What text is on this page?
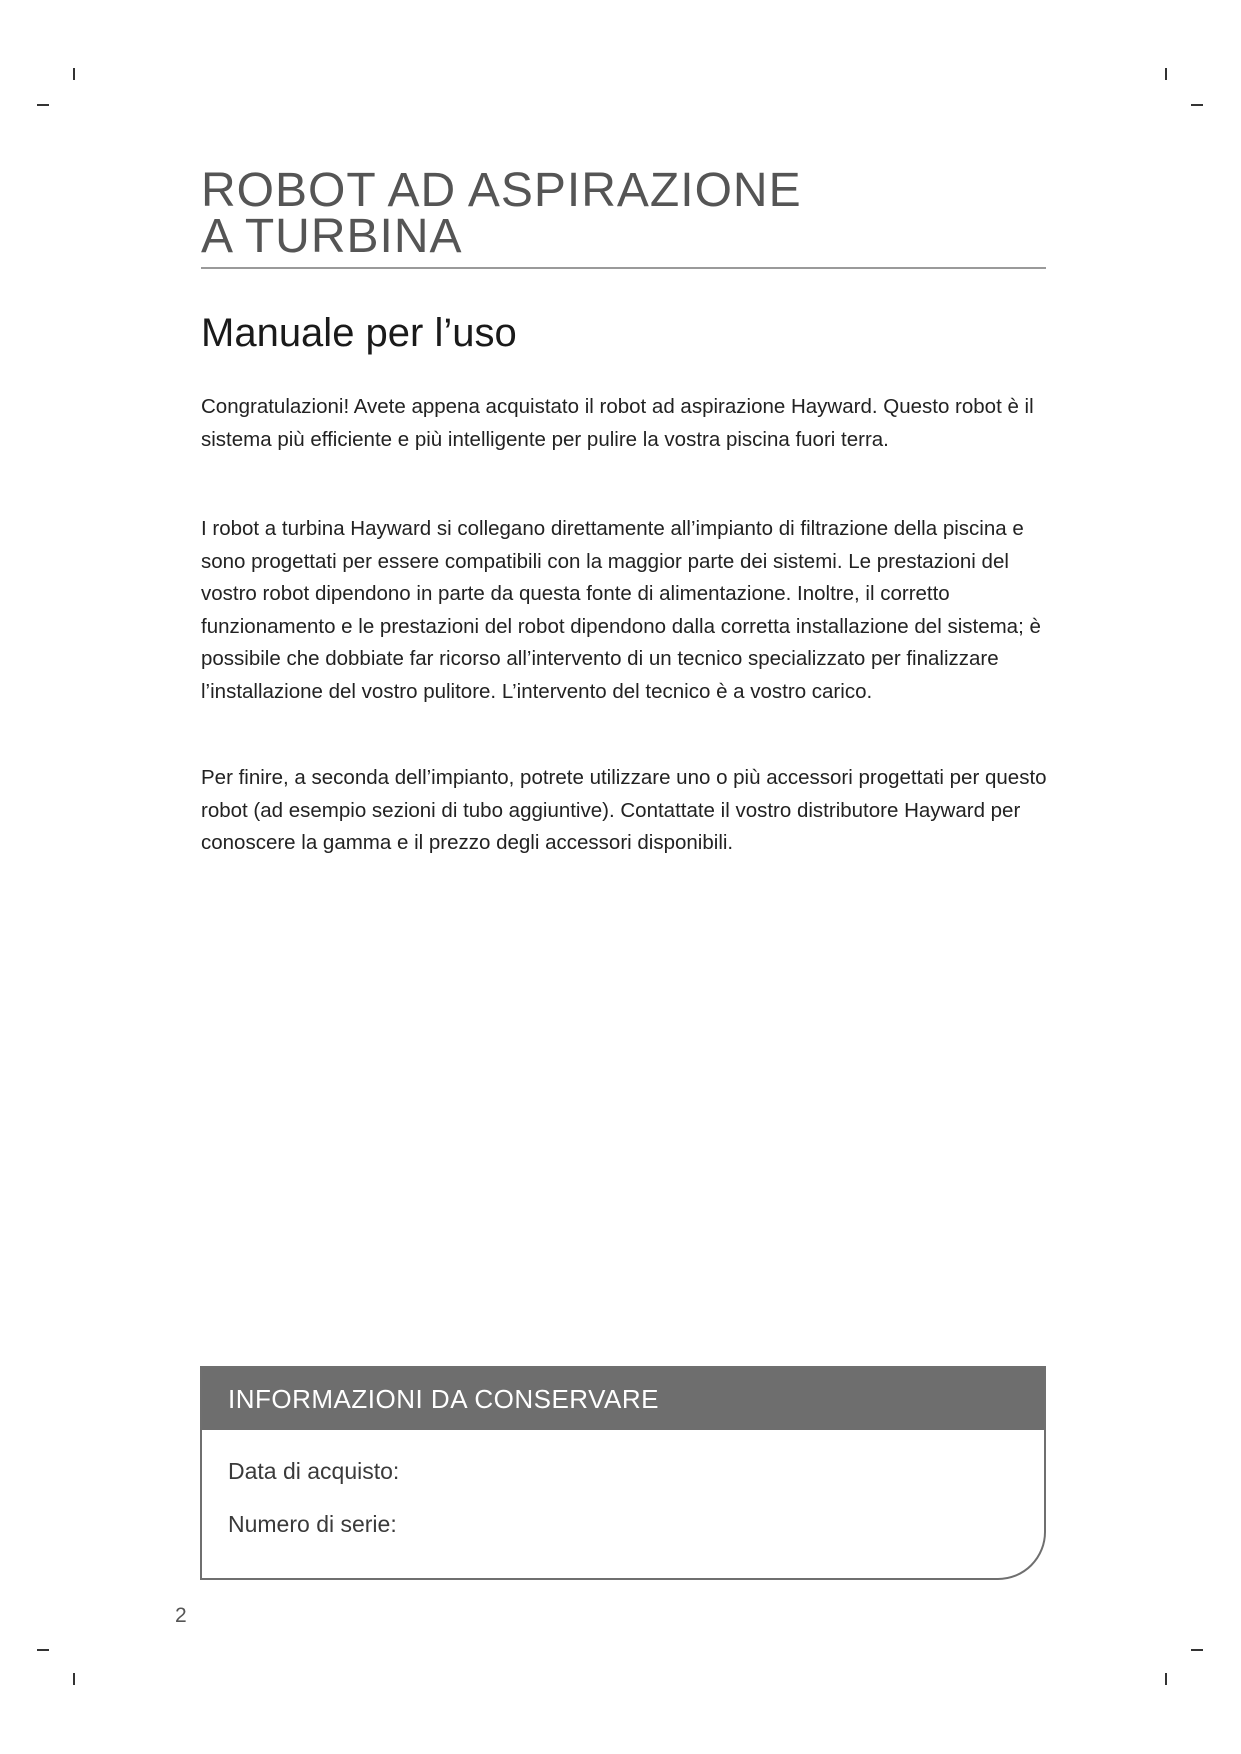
ROBOT AD ASPIRAZIONE
A TURBINA
Manuale per l’uso

Congratulazioni! Avete appena acquistato il robot ad aspirazione Hayward. Questo robot è il sistema più efficiente e più intelligente per pulire la vostra piscina fuori terra.

I robot a turbina Hayward si collegano direttamente all’impianto di filtrazione della piscina e sono progettati per essere compatibili con la maggior parte dei sistemi. Le prestazioni del vostro robot dipendono in parte da questa fonte di alimentazione. Inoltre, il corretto funzionamento e le prestazioni del robot dipendono dalla corretta installazione del sistema; è possibile che dobbiate far ricorso all’intervento di un tecnico specializzato per finalizzare l’installazione del vostro pulitore. L’intervento del tecnico è a vostro carico.

Per finire, a seconda dell’impianto, potrete utilizzare uno o più accessori progettati per questo robot (ad esempio sezioni di tubo aggiuntive). Contattate il vostro distributore Hayward per conoscere la gamma e il prezzo degli accessori disponibili.

INFORMAZIONI DA CONSERVARE
Data di acquisto:
Numero di serie:
2
